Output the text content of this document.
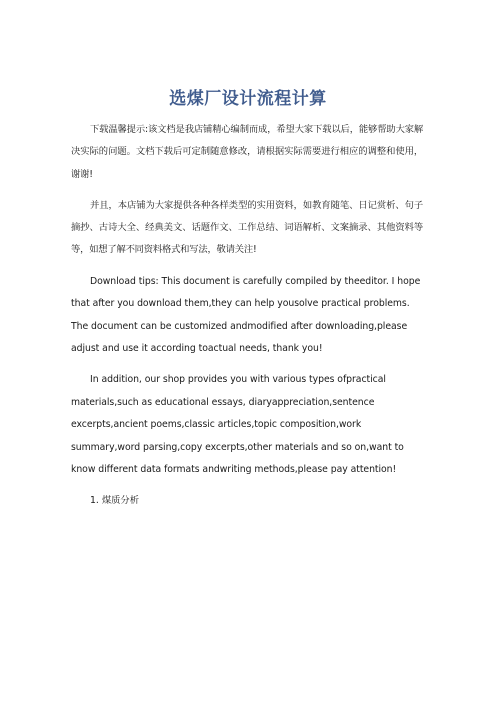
选煤厂设计流程计算

下载温馨提示:该文档是我店铺精心编制而成，希望大家下载以后，能够帮助大家解决实际的问题。文档下载后可定制随意修改，请根据实际需要进行相应的调整和使用，谢谢!

并且，本店铺为大家提供各种各样类型的实用资料，如教育随笔、日记赏析、句子摘抄、古诗大全、经典美文、话题作文、工作总结、词语解析、文案摘录、其他资料等等，如想了解不同资料格式和写法，敬请关注!

Download tips: This document is carefully compiled by theeditor. I hope that after you download them,they can help yousolve practical problems. The document can be customized andmodified after downloading,please adjust and use it according toactual needs, thank you!

In addition, our shop provides you with various types ofpractical materials,such as educational essays, diaryappreciation,sentence excerpts,ancient poems,classic articles,topic composition,work summary,word parsing,copy excerpts,other materials and so on,want to know different data formats andwriting methods,please pay attention!

1. 煤质分析
